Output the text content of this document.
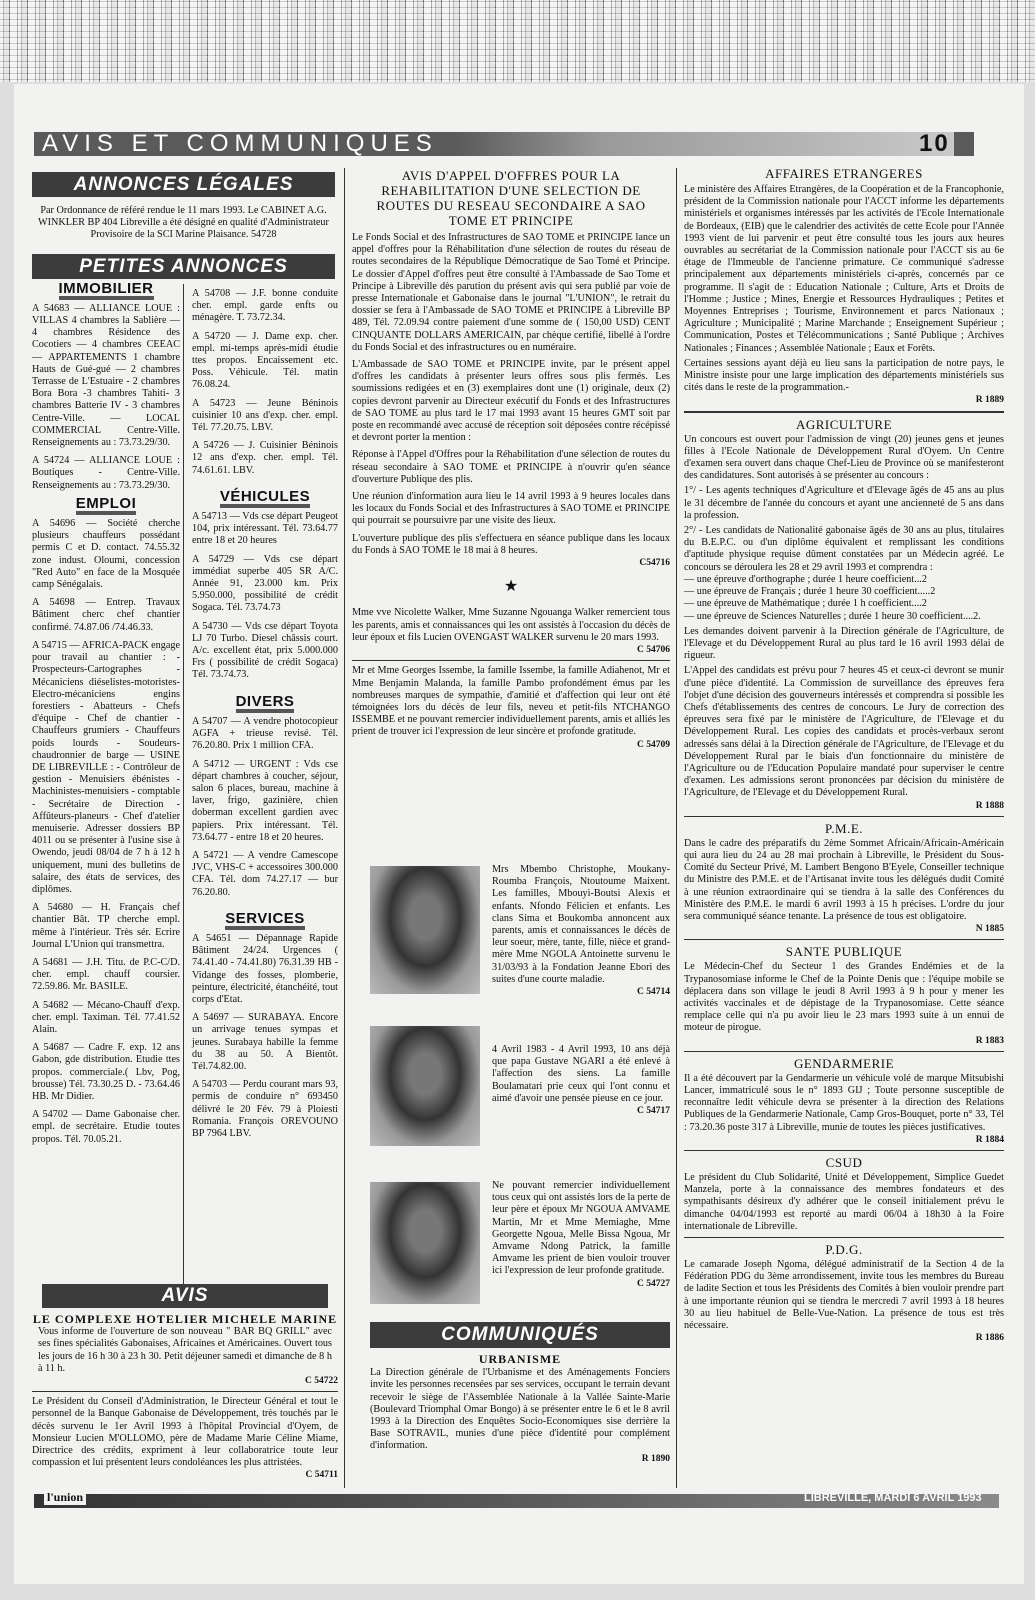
AVIS ET COMMUNIQUES	10
ANNONCES LÉGALES
Par Ordonnance de référé rendue le 11 mars 1993. Le CABINET A.G. WINKLER BP 404 Libreville a été désigné en qualité d'Administrateur Provisoire de la SCI Marine Plaisance. 54728
PETITES ANNONCES
IMMOBILIER
A 54683 — ALLIANCE LOUE : VILLAS 4 chambres la Sablière — 4 chambres Résidence des Cocotiers — 4 chambres CEEAC — APPARTEMENTS 1 chambre Hauts de Gué-gué — 2 chambres Terrasse de L'Estuaire - 2 chambres Bora Bora -3 chambres Tahiti- 3 chambres Batterie IV - 3 chambres Centre-Ville. — LOCAL COMMERCIAL Centre-Ville. Renseignements au : 73.73.29/30.
A 54724 — ALLIANCE LOUE : Boutiques - Centre-Ville. Renseignements au : 73.73.29/30.
EMPLOI
A 54696 — Société cherche plusieurs chauffeurs possédant permis C et D. contact. 74.55.32 zone indust. Oloumi, concession "Red Auto" en face de la Mosquée camp Sénégalais.
A 54698 — Entrep. Travaux Bâtiment cherc chef chantier confirmé. 74.87.06 /74.46.33.
A 54715 — AFRICA-PACK engage pour travail au chantier : - Prospecteurs-Cartographes - Mécaniciens diéselistes-motoristes-Electro-mécaniciens engins forestiers - Abatteurs - Chefs d'équipe - Chef de chantier - Chauffeurs grumiers - Chauffeurs poids lourds - Soudeurs-chaudronnier de barge — USINE DE LIBREVILLE : - Contrôleur de gestion - Menuisiers ébénistes - Machinistes-menuisiers - comptable - Secrétaire de Direction - Affûteurs-planeurs - Chef d'atelier menuiserie. Adresser dossiers BP 4011 ou se présenter à l'usine sise à Owendo, jeudi 08/04 de 7 h à 12 h uniquement, muni des bulletins de salaire, des états de services, des diplômes.
A 54680 — H. Français chef chantier Bât. TP cherche empl. même à l'intérieur. Très sér. Ecrire Journal L'Union qui transmettra.
A 54681 — J.H. Titu. de P.C-C/D. cher. empl. chauff coursier. 72.59.86. Mr. BASILE.
A 54682 — Mécano-Chauff d'exp. cher. empl. Taximan. Tél. 77.41.52 Alain.
A 54687 — Cadre F. exp. 12 ans Gabon, gde distribution. Etudie ttes propos. commerciale.( Lbv, Pog, brousse) Tél. 73.30.25 D. - 73.64.46 HB. Mr Didier.
A 54702 — Dame Gabonaise cher. empl. de secrétaire. Etudie toutes propos. Tél. 70.05.21.
A 54708 — J.F. bonne conduite cher. empl. garde enfts ou ménagère. T. 73.72.34.
A 54720 — J. Dame exp. cher. empl. mi-temps après-midi étudie ttes propos. Encaissement etc. Poss. Véhicule. Tél. matin 76.08.24.
A 54723 — Jeune Béninois cuisinier 10 ans d'exp. cher. empl. Tél. 77.20.75. LBV.
A 54726 — J. Cuisinier Béninois 12 ans d'exp. cher. empl. Tél. 74.61.61. LBV.
VÉHICULES
A 54713 — Vds cse départ Peugeot 104, prix intéressant. Tél. 73.64.77 entre 18 et 20 heures
A 54729 — Vds cse départ immédiat superbe 405 SR A/C. Année 91, 23.000 km. Prix 5.950.000, possibilité de crédit Sogaca. Tél. 73.74.73
A 54730 — Vds cse départ Toyota LJ 70 Turbo. Diesel châssis court. A/c. excellent état, prix 5.000.000 Frs ( possibilité de crédit Sogaca) Tél. 73.74.73.
DIVERS
A 54707 — A vendre photocopieur AGFA + trieuse revisé. Tél. 76.20.80. Prix 1 million CFA.
A 54712 — URGENT : Vds cse départ chambres à coucher, séjour, salon 6 places, bureau, machine à laver, frigo, gazinière, chien doberman excellent gardien avec papiers. Prix intéressant. Tél. 73.64.77 - entre 18 et 20 heures.
A 54721 — A vendre Camescope JVC, VHS-C + accessoires 300.000 CFA. Tél. dom 74.27.17 — bur 76.20.80.
SERVICES
A 54651 — Dépannage Rapide Bâtiment 24/24. Urgences ( 74.41.40 - 74.41.80) 76.31.39 HB - Vidange des fosses, plomberie, peinture, électricité, étanchéité, tout corps d'Etat.
A 54697 — SURABAYA. Encore un arrivage tenues sympas et jeunes. Surabaya habille la femme du 38 au 50. A Bientôt. Tél.74.82.00.
A 54703 — Perdu courant mars 93, permis de conduire n° 693450 délivré le 20 Fév. 79 à Ploiesti Romania. François OREVOUNO BP 7964 LBV.
AVIS
LE COMPLEXE HOTELIER MICHELE MARINE
Vous informe de l'ouverture de son nouveau " BAR BQ GRILL" avec ses fines spécialités Gabonaises, Africaines et Américaines. Ouvert tous les jours de 16 h 30 à 23 h 30. Petit déjeuner samedi et dimanche de 8 h à 11 h.
C 54722
Le Président du Conseil d'Administration, le Directeur Général et tout le personnel de la Banque Gabonaise de Développement, très touchés par le décès survenu le 1er Avril 1993 à l'hôpital Provincial d'Oyem, de Monsieur Lucien M'OLLOMO, père de Madame Marie Céline Miame, Directrice des crédits, expriment à leur collaboratrice toute leur compassion et lui présentent leurs condoléances les plus attristées.
C 54711
AVIS D'APPEL D'OFFRES POUR LA REHABILITATION D'UNE SELECTION DE ROUTES DU RESEAU SECONDAIRE A SAO TOME ET PRINCIPE
Le Fonds Social et des Infrastructures de SAO TOME et PRINCIPE lance un appel d'offres pour la Réhabilitation d'une sélection de routes du réseau de routes secondaires de la République Démocratique de Sao Tomé et Principe. Le dossier d'Appel d'offres peut être consulté à l'Ambassade de Sao Tome et Principe à Libreville dès parution du présent avis qui sera publié par voie de presse Internationale et Gabonaise dans le journal "L'UNION", le retrait du dossier se fera à l'Ambassade de SAO TOME et PRINCIPE à Libreville BP 489, Tél. 72.09.94 contre paiement d'une somme de ( 150,00 USD) CENT CINQUANTE DOLLARS AMERICAIN, par chèque certifié, libellé à l'ordre du Fonds Social et des infrastructures ou en numéraire.
L'Ambassade de SAO TOME et PRINCIPE invite, par le présent appel d'offres les candidats à présenter leurs offres sous plis fermés. Les soumissions redigées et en (3) exemplaires dont une (1) originale, deux (2) copies devront parvenir au Directeur exécutif du Fonds et des Infrastructures de SAO TOME au plus tard le 17 mai 1993 avant 15 heures GMT soit par poste en recommandé avec accusé de réception soit déposées contre récépissé et devront porter la mention :
Réponse à l'Appel d'Offres pour la Réhabilitation d'une sélection de routes du réseau secondaire à SAO TOME et PRINCIPE à n'ouvrir qu'en séance d'ouverture Publique des plis.
Une réunion d'information aura lieu le 14 avril 1993 à 9 heures locales dans les locaux du Fonds Social et des Infrastructures à SAO TOME et PRINCIPE qui pourrait se poursuivre par une visite des lieux.
L'ouverture publique des plis s'effectuera en séance publique dans les locaux du Fonds à SAO TOME le 18 mai à 8 heures.
C54716
★
Mme vve Nicolette Walker, Mme Suzanne Ngouanga Walker remercient tous les parents, amis et connaissances qui les ont assistés à l'occasion du décès de leur époux et fils Lucien OVENGAST WALKER survenu le 20 mars 1993.
C 54706
Mr et Mme Georges Issembe, la famille Issembe, la famille Adiahenot, Mr et Mme Benjamin Malanda, la famille Pambo profondément émus par les nombreuses marques de sympathie, d'amitié et d'affection qui leur ont été témoignées lors du décès de leur fils, neveu et petit-fils NTCHANGO ISSEMBE et ne pouvant remercier individuellement parents, amis et alliés les prient de trouver ici l'expression de leur sincère et profonde gratitude.
C 54709
Mrs Mbembo Christophe, Moukany-Roumba François, Ntoutoume Maixent. Les familles, Mbouyi-Boutsi Alexis et enfants. Nfondo Félicien et enfants. Les clans Sima et Boukomba annoncent aux parents, amis et connaissances le décès de leur soeur, mère, tante, fille, nièce et grand-mère Mme NGOLA Antoinette survenu le 31/03/93 à la Fondation Jeanne Ebori des suites d'une courte maladie.
C 54714
4 Avril 1983 - 4 Avril 1993, 10 ans déjà que papa Gustave NGARI a été enlevé à l'affection des siens. La famille Boulamatari prie ceux qui l'ont connu et aimé d'avoir une pensée pieuse en ce jour.
C 54717
Ne pouvant remercier individuellement tous ceux qui ont assistés lors de la perte de leur père et époux Mr NGOUA AMVAME Martin, Mr et Mme Memiaghe, Mme Georgette Ngoua, Melle Bissa Ngoua, Mr Amvame Ndong Patrick, la famille Amvame les prient de bien vouloir trouver ici l'expression de leur profonde gratitude.
C 54727
COMMUNIQUÉS
URBANISME
La Direction générale de l'Urbanisme et des Aménagements Fonciers invite les personnes recensées par ses services, occupant le terrain devant recevoir le siège de l'Assemblée Nationale à la Vallée Sainte-Marie (Boulevard Triomphal Omar Bongo) à se présenter entre le 6 et le 8 avril 1993 à la Direction des Enquêtes Socio-Economiques sise derrière la Base SOTRAVIL, munies d'une pièce d'identité pour complément d'information.
R 1890
AFFAIRES ETRANGERES
Le ministère des Affaires Etrangères, de la Coopération et de la Francophonie, président de la Commission nationale pour l'ACCT informe les départements ministériels et organismes intéressés par les activités de l'Ecole Internationale de Bordeaux, (EIB) que le calendrier des activités de cette Ecole pour l'Année 1993 vient de lui parvenir et peut être consulté tous les jours aux heures ouvrables au secrétariat de la Commission nationale pour l'ACCT sis au 6e étage de l'Immeuble de l'ancienne primature. Ce communiqué s'adresse principalement aux départements ministériels ci-après, concernés par ce programme. Il s'agit de : Education Nationale ; Culture, Arts et Droits de l'Homme ; Justice ; Mines, Energie et Ressources Hydrauliques ; Petites et Moyennes Entreprises ; Tourisme, Environnement et parcs Nationaux ; Agriculture ; Municipalité ; Marine Marchande ; Enseignement Supérieur ; Communication, Postes et Télécommunications ; Santé Publique ; Archives Nationales ; Finances ; Assemblée Nationale ; Eaux et Forêts.
Certaines sessions ayant déjà eu lieu sans la participation de notre pays, le Ministre insiste pour une large implication des départements ministériels sus cités dans le reste de la programmation.-
R 1889
AGRICULTURE
Un concours est ouvert pour l'admission de vingt (20) jeunes gens et jeunes filles à l'Ecole Nationale de Développement Rural d'Oyem. Un Centre d'examen sera ouvert dans chaque Chef-Lieu de Province où se manifesteront des candidatures. Sont autorisés à se présenter au concours :
1°/ - Les agents techniques d'Agriculture et d'Elevage âgés de 45 ans au plus le 31 décembre de l'année du concours et ayant une ancienneté de 5 ans dans la profession.
2°/ - Les candidats de Nationalité gabonaise âgés de 30 ans au plus, titulaires du B.E.P.C. ou d'un diplôme équivalent et remplissant les conditions d'aptitude physique requise dûment constatées par un Médecin agréé. Le concours se déroulera les 28 et 29 avril 1993 et comprendra :
— une épreuve d'orthographe ; durée 1 heure coefficient...2
— une épreuve de Français ; durée 1 heure 30 coefficient.....2
— une épreuve de Mathématique ; durée 1 h coefficient....2
— une épreuve de Sciences Naturelles ; durée 1 heure 30 coefficient....2.
Les demandes doivent parvenir à la Direction générale de l'Agriculture, de l'Elevage et du Développement Rural au plus tard le 16 avril 1993 délai de rigueur.
L'Appel des candidats est prévu pour 7 heures 45 et ceux-ci devront se munir d'une pièce d'identité. La Commission de surveillance des épreuves fera l'objet d'une décision des gouverneurs intéressés et comprendra si possible les Chefs d'établissements des centres de concours. Le Jury de correction des épreuves sera fixé par le ministère de l'Agriculture, de l'Elevage et du Développement Rural. Les copies des candidats et procès-verbaux seront adressés sans délai à la Direction générale de l'Agriculture, de l'Elevage et du Développement Rural par le biais d'un fonctionnaire du ministère de l'Agriculture ou de l'Education Populaire mandaté pour superviser le centre d'examen. Les admissions seront prononcées par décision du ministère de l'Agriculture, de l'Elevage et du Développement Rural.
R 1888
P.M.E.
Dans le cadre des préparatifs du 2ème Sommet Africain/Africain-Américain qui aura lieu du 24 au 28 mai prochain à Libreville, le Président du Sous-Comité du Secteur Privé, M. Lambert Bengono B'Eyele, Conseiller technique du Ministre des P.M.E. et de l'Artisanat invite tous les délégués dudit Comité à une réunion extraordinaire qui se tiendra à la salle des Conférences du Ministère des P.M.E. le mardi 6 avril 1993 à 15 h précises. L'ordre du jour sera communiqué séance tenante. La présence de tous est obligatoire.
N 1885
SANTE PUBLIQUE
Le Médecin-Chef du Secteur 1 des Grandes Endémies et de la Trypanosomiase informe le Chef de la Pointe Denis que : l'équipe mobile se déplacera dans son village le jeudi 8 Avril 1993 à 9 h pour y mener les activités vaccinales et de dépistage de la Trypanosomiase. Cette séance remplace celle qui n'a pu avoir lieu le 23 mars 1993 suite à un ennui de moteur de pirogue.
R 1883
GENDARMERIE
Il a été découvert par la Gendarmerie un véhicule volé de marque Mitsubishi Lancer, immatriculé sous le n° 1893 GIJ ; Toute personne susceptible de reconnaître ledit véhicule devra se présenter à la direction des Relations Publiques de la Gendarmerie Nationale, Camp Gros-Bouquet, porte n° 33, Tél : 73.20.36 poste 317 à Libreville, munie de toutes les pièces justificatives.
R 1884
CSUD
Le président du Club Solidarité, Unité et Développement, Simplice Guedet Manzela, porte à la connaissance des membres fondateurs et des sympathisants désireux d'y adhérer que le conseil initialement prévu le dimanche 04/04/1993 est reporté au mardi 06/04 à 18h30 à la Foire internationale de Libreville.
P.D.G.
Le camarade Joseph Ngoma, délégué administratif de la Section 4 de la Fédération PDG du 3ème arrondissement, invite tous les membres du Bureau de ladite Section et tous les Présidents des Comités à bien vouloir prendre part à une importante réunion qui se tiendra le mercredi 7 avril 1993 à 18 heures 30 au lieu habituel de Belle-Vue-Nation. La présence de tous est très nécessaire.
R 1886
l'union	LIBREVILLE, MARDI 6 AVRIL 1993
